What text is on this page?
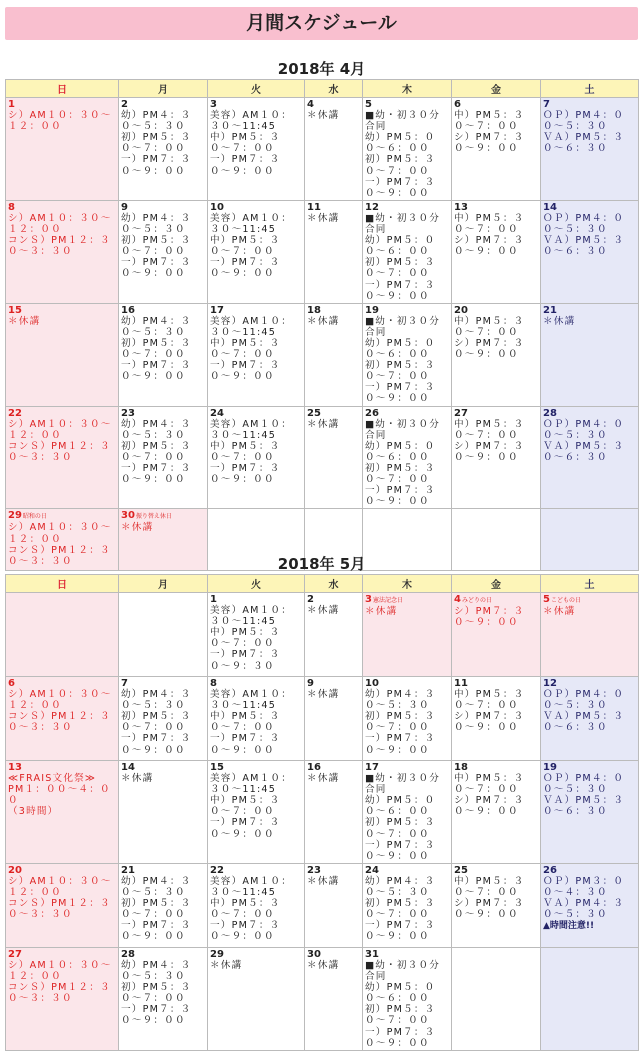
月間スケジュール
2018年 4月
日	月	火	水	木	金	土
1
シ）AM１０：３０〜１２：００	2
幼）PM４：３０〜５：３０
初）PM５：３０〜７：００
一）PM７：３０〜９：００	3
美容）AM１０：３０〜11:45
中）PM５：３０〜７：００
一）PM７：３０〜９：００	4
＊休講	5
■幼・初３０分合同
幼）PM５：００〜６：００
初）PM５：３０〜７：００
一）PM７：３０〜９：００	6
中）PM５：３０〜７：００
シ）PM７：３０〜９：００	7
ＯＰ）PM４：００〜５：３０
ＶＡ）PM５：３０〜６：３０

8
シ）AM１０：３０〜１２：００
コンＳ）PM１２：３０〜３：３０	9
幼）PM４：３０〜５：３０
初）PM５：３０〜７：００
一）PM７：３０〜９：００	10
美容）AM１０：３０〜11:45
中）PM５：３０〜７：００
一）PM７：３０〜９：００	11
＊休講	12
■幼・初３０分合同
幼）PM５：００〜６：００
初）PM５：３０〜７：００
一）PM７：３０〜９：００	13
中）PM５：３０〜７：００
シ）PM７：３０〜９：００	14
ＯＰ）PM４：００〜５：３０
ＶＡ）PM５：３０〜６：３０

15
＊休講	16
幼）PM４：３０〜５：３０
初）PM５：３０〜７：００
一）PM７：３０〜９：００	17
美容）AM１０：３０〜11:45
中）PM５：３０〜７：００
一）PM７：３０〜９：００	18
＊休講	19
■幼・初３０分合同
幼）PM５：００〜６：００
初）PM５：３０〜７：００
一）PM７：３０〜９：００	20
中）PM５：３０〜７：００
シ）PM７：３０〜９：００	21
＊休講

22
シ）AM１０：３０〜１２：００
コンＳ）PM１２：３０〜３：３０	23
幼）PM４：３０〜５：３０
初）PM５：３０〜７：００
一）PM７：３０〜９：００	24
美容）AM１０：３０〜11:45
中）PM５：３０〜７：００
一）PM７：３０〜９：００	25
＊休講	26
■幼・初３０分合同
幼）PM５：００〜６：００
初）PM５：３０〜７：００
一）PM７：３０〜９：００	27
中）PM５：３０〜７：００
シ）PM７：３０〜９：００	28
ＯＰ）PM４：００〜５：３０
ＶＡ）PM５：３０〜６：３０

29昭和の日
シ）AM１０：３０〜１２：００
コンＳ）PM１２：３０〜３：３０	30振り替え休日
＊休講					

2018年 5月
日	月	火	水	木	金	土
		1
美容）AM１０：３０〜11:45
中）PM５：３０〜７：００
一）PM７：３０〜９：３０	2
＊休講	3憲法記念日
＊休講	4みどりの日
シ）PM７：３０〜９：００	5こどもの日
＊休講

6
シ）AM１０：３０〜１２：００
コンＳ）PM１２：３０〜３：３０	7
幼）PM４：３０〜５：３０
初）PM５：３０〜７：００
一）PM７：３０〜９：００	8
美容）AM１０：３０〜11:45
中）PM５：３０〜７：００
一）PM７：３０〜９：００	9
＊休講	10
幼）PM４：３０〜５：３０
初）PM５：３０〜７：００
一）PM７：３０〜９：００	11
中）PM５：３０〜７：００
シ）PM７：３０〜９：００	12
ＯＰ）PM４：００〜５：３０
ＶＡ）PM５：３０〜６：３０

13
≪FRAIS文化祭≫
PM１：００〜４：００
（3時間）	14
＊休講	15
美容）AM１０：３０〜11:45
中）PM５：３０〜７：００
一）PM７：３０〜９：００	16
＊休講	17
■幼・初３０分合同
幼）PM５：００〜６：００
初）PM５：３０〜７：００
一）PM７：３０〜９：００	18
中）PM５：３０〜７：００
シ）PM７：３０〜９：００	19
ＯＰ）PM４：００〜５：３０
ＶＡ）PM５：３０〜６：３０

20
シ）AM１０：３０〜１２：００
コンＳ）PM１２：３０〜３：３０	21
幼）PM４：３０〜５：３０
初）PM５：３０〜７：００
一）PM７：３０〜９：００	22
美容）AM１０：３０〜11:45
中）PM５：３０〜７：００
一）PM７：３０〜９：００	23
＊休講	24
幼）PM４：３０〜５：３０
初）PM５：３０〜７：００
一）PM７：３０〜９：００	25
中）PM５：３０〜７：００
シ）PM７：３０〜９：００	26
ＯＰ）PM３：００〜４：３０
ＶＡ）PM４：３０〜５：３０
▲時間注意!!
27
シ）AM１０：３０〜１２：００
コンＳ）PM１２：３０〜３：３０	28
幼）PM４：３０〜５：３０
初）PM５：３０〜７：００
一）PM７：３０〜９：００	29
＊休講	30
＊休講	31
■幼・初３０分合同
幼）PM５：００〜６：００
初）PM５：３０〜７：００
一）PM７：３０〜９：００		
